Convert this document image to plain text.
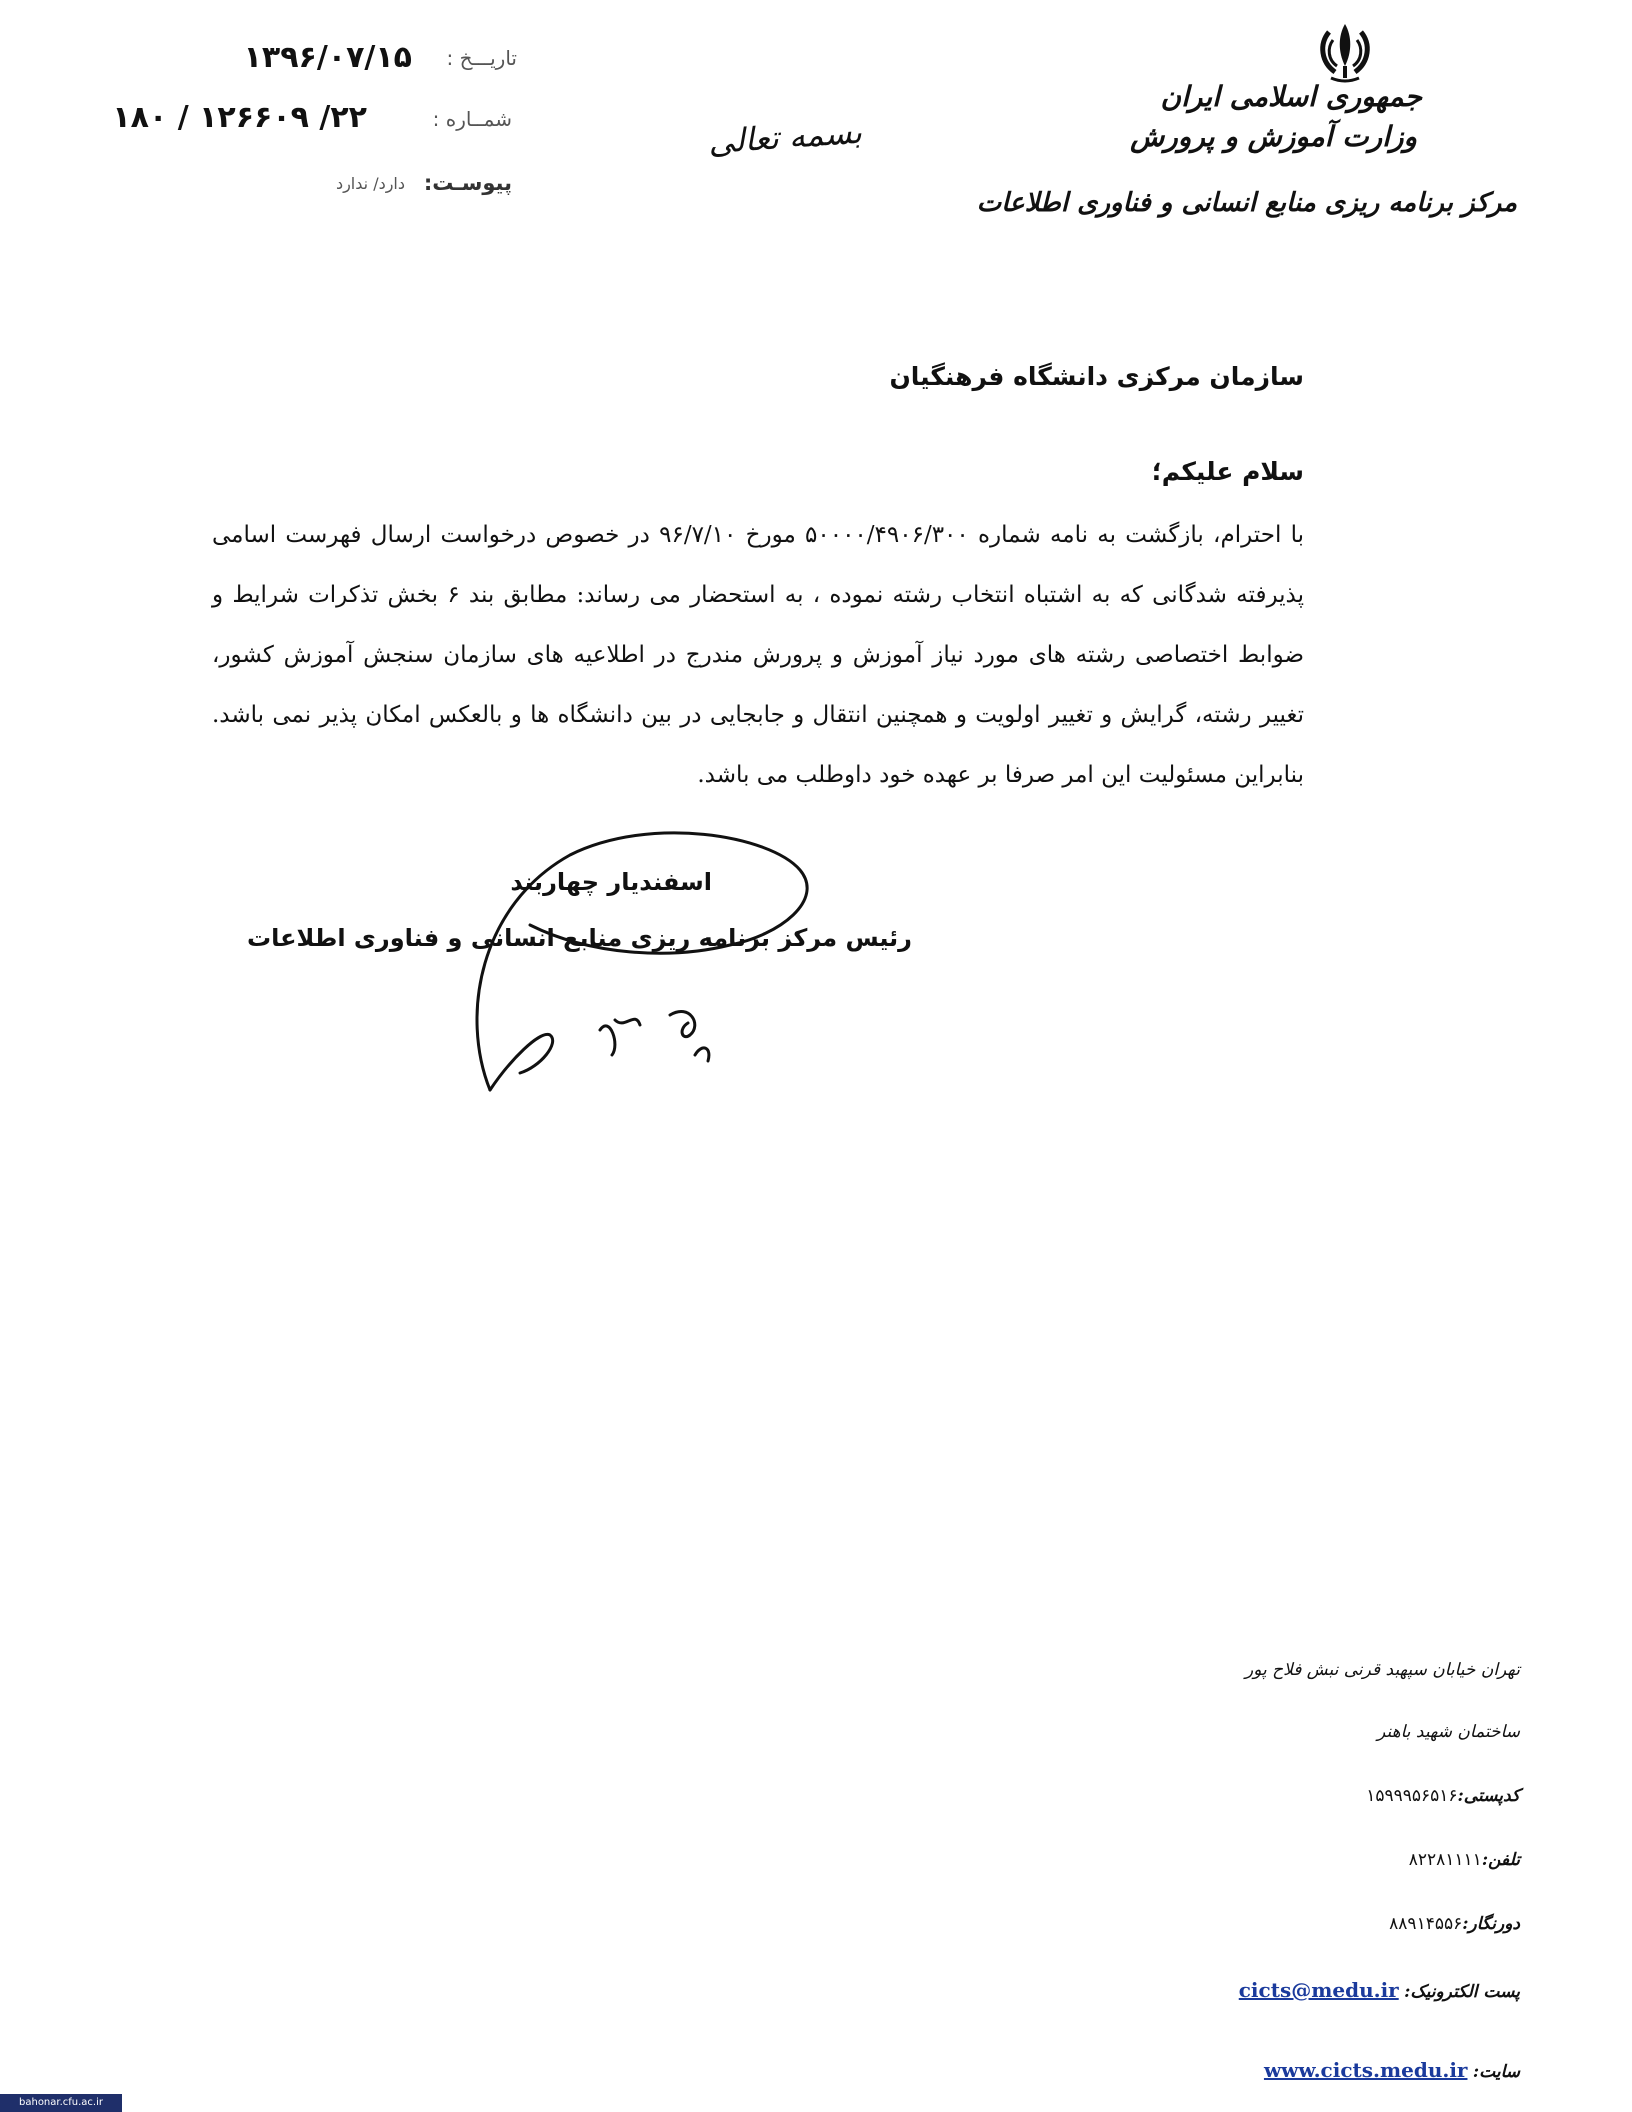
جمهوری اسلامی ایران
وزارت آموزش و پرورش
مرکز برنامه ریزی منابع انسانی و فناوری اطلاعات
بسمه تعالی
تاریـــخ :
۱۳۹۶/۰۷/۱۵
شمــاره :
۱۸۰ / ۱۲۶۶۰۹ /۲۲
پیوسـت:
دارد/ ندارد
سازمان مرکزی دانشگاه فرهنگیان
سلام علیکم؛
با احترام، بازگشت به نامه شماره ۵۰۰۰۰/۴۹۰۶/۳۰۰ مورخ ۹۶/۷/۱۰ در خصوص درخواست ارسال فهرست اسامی پذیرفته شدگانی که به اشتباه انتخاب رشته نموده ، به استحضار می رساند: مطابق بند ۶ بخش تذکرات شرایط و ضوابط اختصاصی رشته های مورد نیاز آموزش و پرورش مندرج در اطلاعیه های سازمان سنجش آموزش کشور، تغییر رشته، گرایش و تغییر اولویت و همچنین انتقال و جابجایی در بین دانشگاه ها و بالعکس امکان پذیر نمی باشد. بنابراین مسئولیت این امر صرفا بر عهده خود داوطلب می باشد.
اسفندیار چهاربند
رئیس مرکز برنامه ریزی منابع انسانی و فناوری اطلاعات
تهران خیابان سپهبد قرنی نبش فلاح پور
ساختمان شهید باهنر
کدپستی:۱۵۹۹۹۵۶۵۱۶
تلفن:۸۲۲۸۱۱۱۱
دورنگار:۸۸۹۱۴۵۵۶
پست الکترونیک: cicts@medu.ir
سایت: www.cicts.medu.ir
bahonar.cfu.ac.ir
